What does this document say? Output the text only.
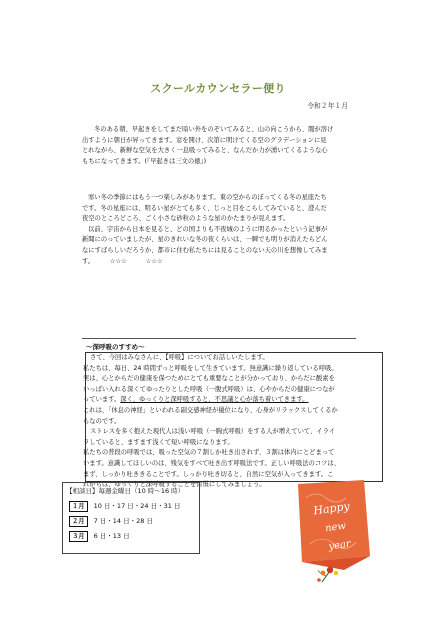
スクールカウンセラー便り
令和２年１月
冬のある朝、早起きをしてまだ暗い外をのぞいてみると、山の向こうから、闇が溶け
出すように朝日が昇ってきます。窓を開け、次第に明けてくる空のグラデーションに見
とれながら、新鮮な空気を大きく一息吸ってみると、なんだか力が湧いてくるような心
もちになってきます。(『早起きは三文の徳』)
寒い冬の季節にはもう一つ楽しみがあります。東の空からのぼってくる冬の星座たち
です。冬の星座には、明るい星がとても多く、じっと目をこらしてみていると、澄んだ
夜空のところどころ、ごく小さな砂粒のような星のかたまりが見えます。
以前、宇宙から日本を見ると、どの国よりも不夜城のように明るかったという記事が
新聞にのっていましたが、星のきれいな冬の夜くらいは、一瞬でも明りが消えたらどん
なにすばらしいだろうか、都市に住む私たちには見ることのない天の川を想像してみま
す。　　　☆☆☆　　　☆☆☆
～深呼吸のすすめ～
さて、今回はみなさんに、【呼吸】についてお話しいたします。
私たちは、毎日、24 時間ずっと呼吸をして生きています。無意識に繰り返している呼吸。
実は、心とからだの健康を保つためにとても重要なことが分かっており、からだに酸素を
いっぱい入れる深くてゆったりとした呼吸（一腹式呼吸）は、心やからだの健康につなが
っています。深く、ゆっくりと深呼吸すると、不思議と心が落ち着いてきます。
これは、「休息の神経」といわれる副交感神経が優位になり、心身がリラックスしてくるか
らなのです。
ストレスを多く抱えた現代人は浅い呼吸（一胸式呼吸）をする人が増えていて、イライ
ラしていると、ますます浅くて短い呼吸になります。
私たちの普段の呼吸では、吸った空気の７割しか吐き出されず、３割は体内にとどまって
います。意識してほしいのは、残気をすべて吐き出す呼吸法です。正しい呼吸法のコツは、
まず、しっかり吐ききることです。しっかり吐き切ると、自然に空気が入ってきます。こ
れからは、ゆっくりと深呼吸することを習慣にしてみましょう。
【相談日】毎週金曜日（10 時～16 時）
１月 10 日・17 日・24 日・31 日
２月 7 日・14 日・28 日
３月 6 日・13 日
Happy
new
year
